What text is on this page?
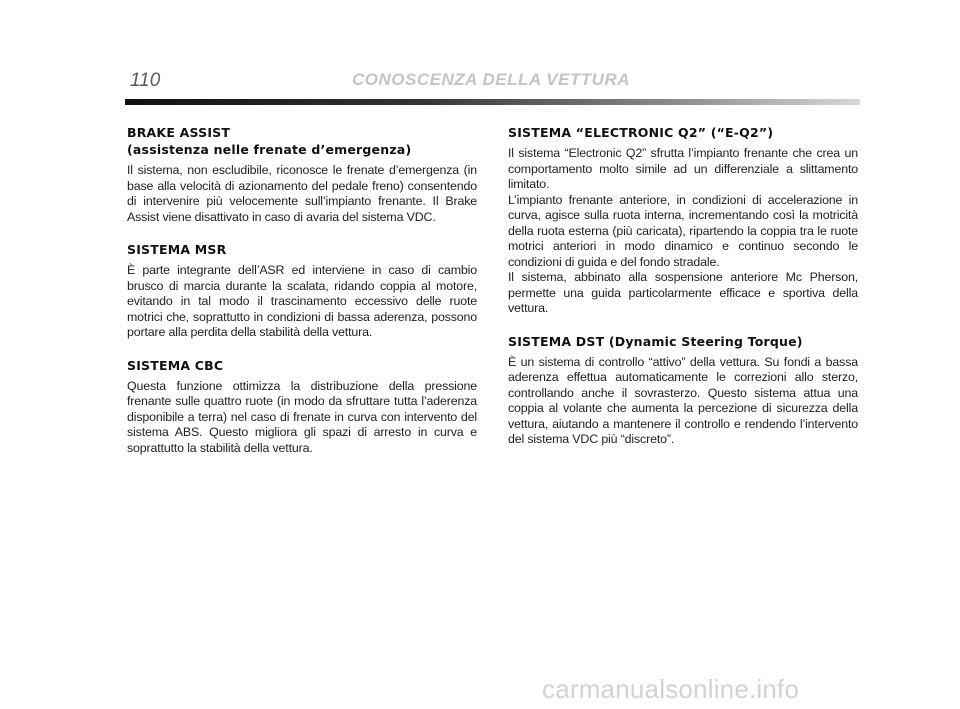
110	CONOSCENZA DELLA VETTURA
BRAKE ASSIST
(assistenza nelle frenate d’emergenza)

Il sistema, non escludibile, riconosce le frenate d’emergenza (in base alla velocità di azionamento del pedale freno) consentendo di intervenire più velocemente sull’impianto frenante. Il Brake Assist viene disattivato in caso di avaria del sistema VDC.

SISTEMA MSR

È parte integrante dell’ASR ed interviene in caso di cambio brusco di marcia durante la scalata, ridando coppia al motore, evitando in tal modo il trascinamento eccessivo delle ruote motrici che, soprattutto in condizioni di bassa aderenza, possono portare alla perdita della stabilità della vettura.

SISTEMA CBC

Questa funzione ottimizza la distribuzione della pressione frenante sulle quattro ruote (in modo da sfruttare tutta l’aderenza disponibile a terra) nel caso di frenate in curva con intervento del sistema ABS. Questo migliora gli spazi di arresto in curva e soprattutto la stabilità della vettura.

SISTEMA “ELECTRONIC Q2” (“E-Q2”)

Il sistema “Electronic Q2” sfrutta l’impianto frenante che crea un comportamento molto simile ad un differenziale a slittamento limitato.
L’impianto frenante anteriore, in condizioni di accelerazione in curva, agisce sulla ruota interna, incrementando così la motricità della ruota esterna (più caricata), ripartendo la coppia tra le ruote motrici anteriori in modo dinamico e continuo secondo le condizioni di guida e del fondo stradale.
Il sistema, abbinato alla sospensione anteriore Mc Pherson, permette una guida particolarmente efficace e sportiva della vettura.

SISTEMA DST (Dynamic Steering Torque)

È un sistema di controllo “attivo” della vettura. Su fondi a bassa aderenza effettua automaticamente le correzioni allo sterzo, controllando anche il sovrasterzo. Questo sistema attua una coppia al volante che aumenta la percezione di sicurezza della vettura, aiutando a mantenere il controllo e rendendo l’intervento del sistema VDC più “discreto”.

carmanualsonline.info
